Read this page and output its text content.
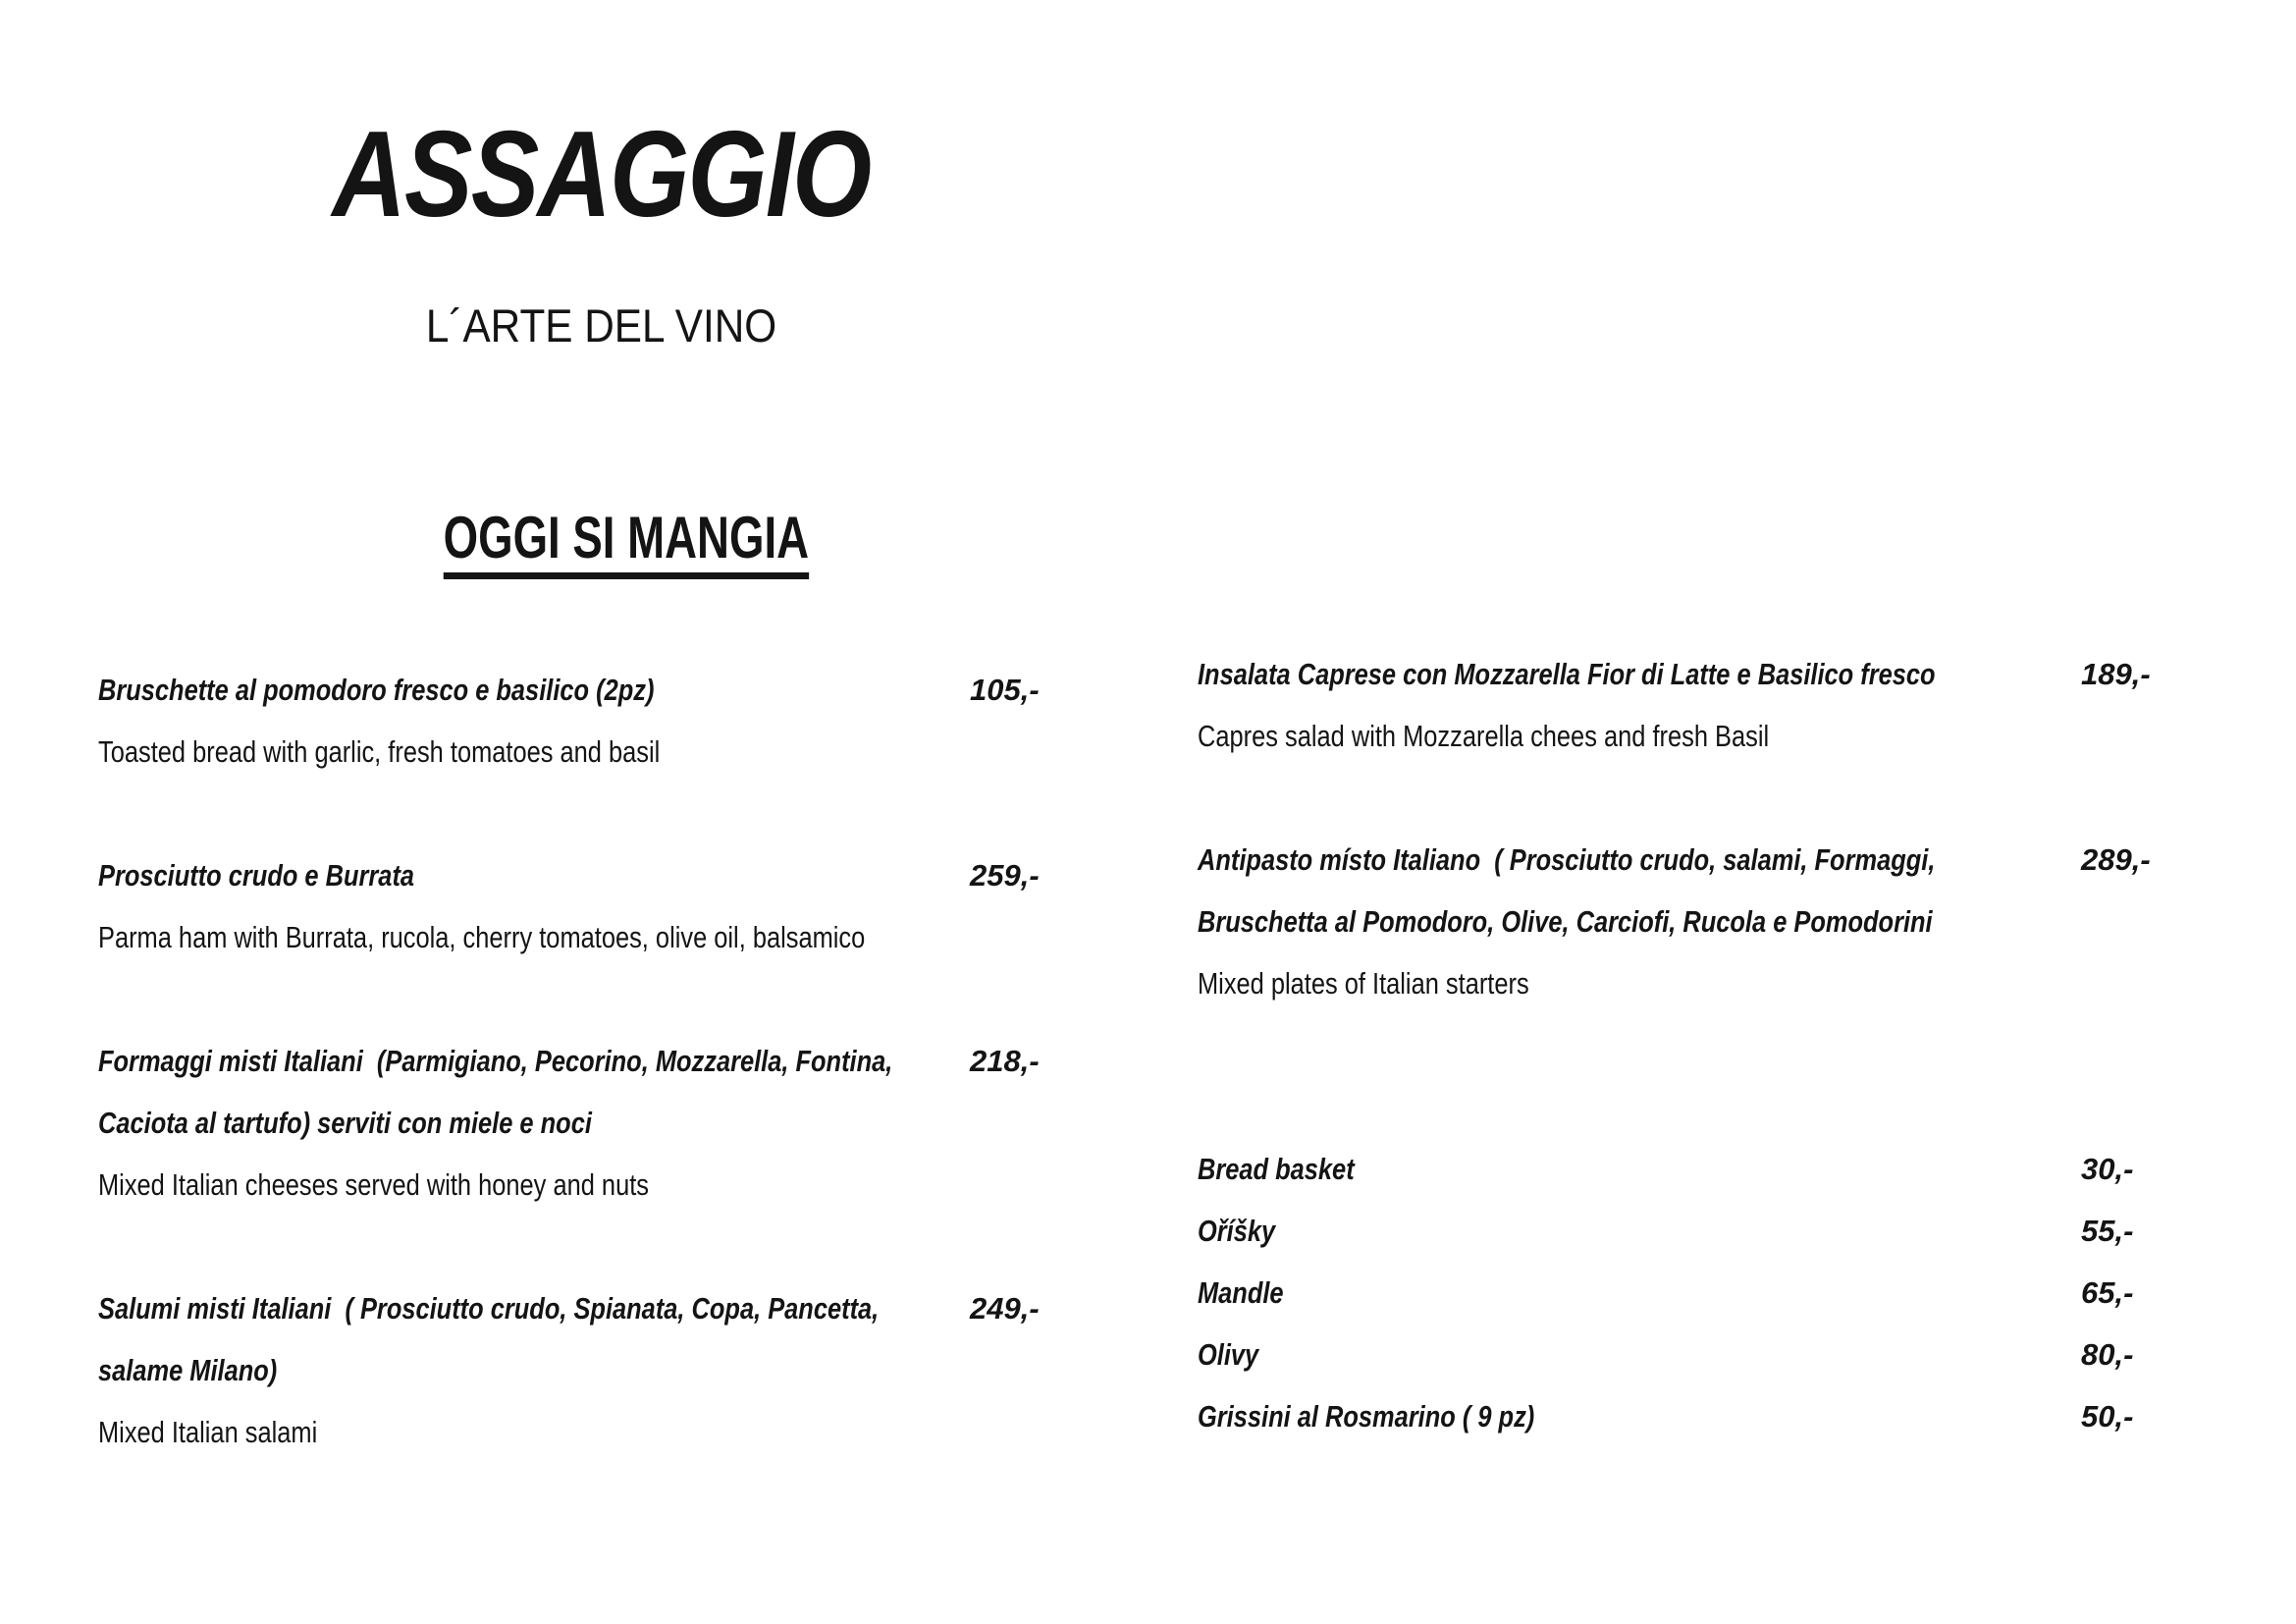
ASSAGGIO
L´ARTE DEL VINO

OGGI SI MANGIA

Bruschette al pomodoro fresco e basilico (2pz)	105,-
Toasted bread with garlic, fresh tomatoes and basil
Prosciutto crudo e Burrata	259,-
Parma ham with Burrata, rucola, cherry tomatoes, olive oil, balsamico
Formaggi misti Italiani  (Parmigiano, Pecorino, Mozzarella, Fontina,	218,-
Caciota al tartufo) serviti con miele e noci
Mixed Italian cheeses served with honey and nuts
Salumi misti Italiani  ( Prosciutto crudo, Spianata, Copa, Pancetta,	249,-
salame Milano)
Mixed Italian salami
Insalata Caprese con Mozzarella Fior di Latte e Basilico fresco	189,-
Capres salad with Mozzarella chees and fresh Basil
Antipasto místo Italiano  ( Prosciutto crudo, salami, Formaggi,	289,-
Bruschetta al Pomodoro, Olive, Carciofi, Rucola e Pomodorini
Mixed plates of Italian starters
Bread basket	30,-
Oříšky	55,-
Mandle	65,-
Olivy	80,-
Grissini al Rosmarino ( 9 pz)	50,-
